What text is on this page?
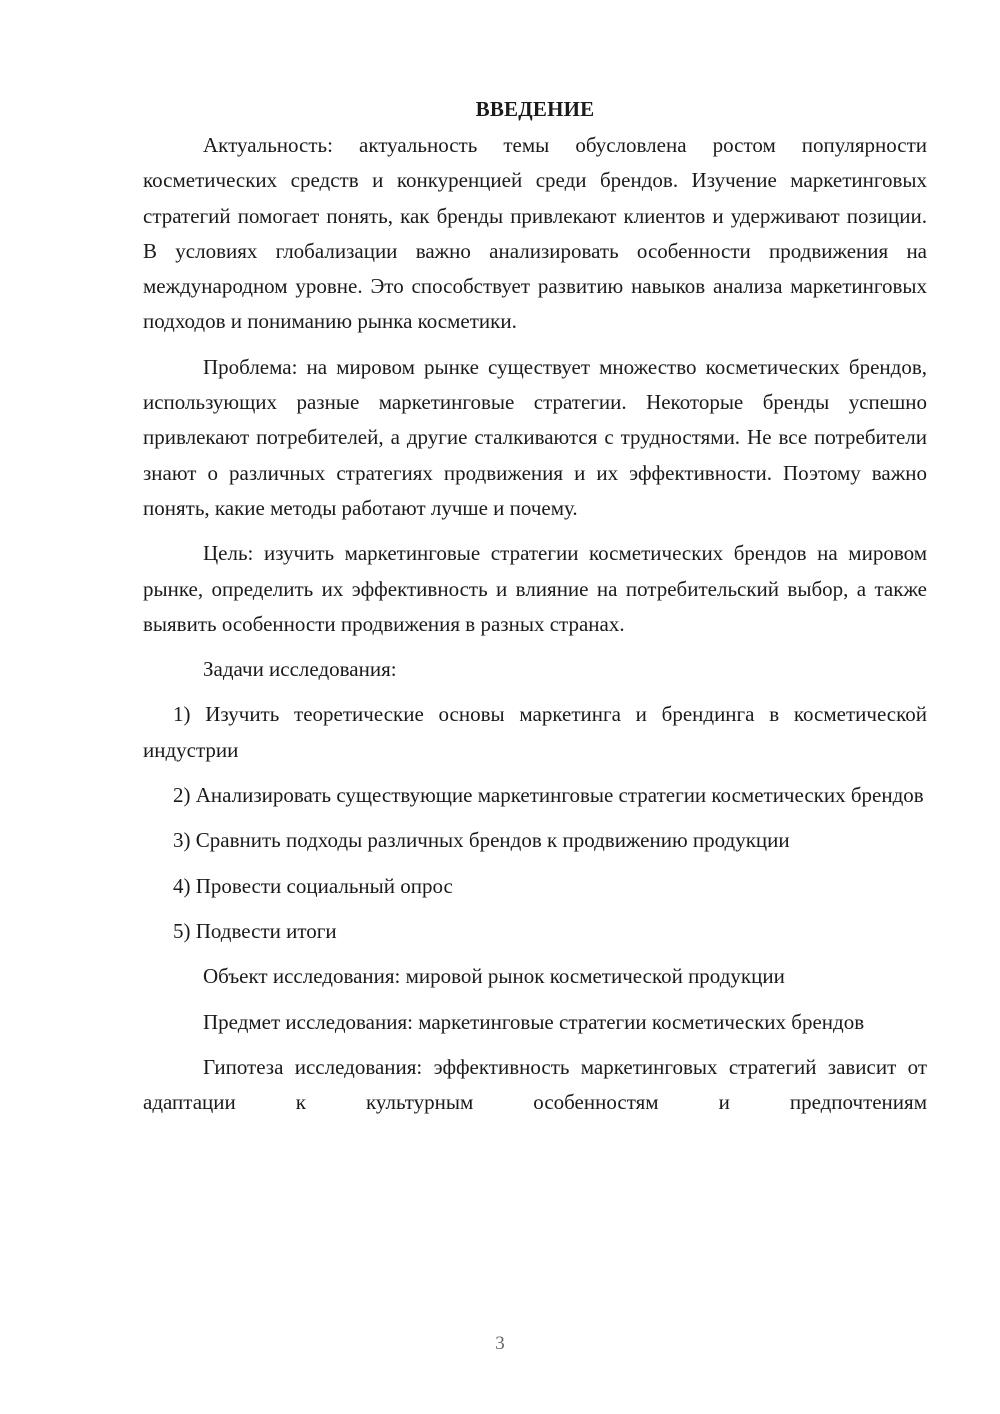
ВВЕДЕНИЕ

Актуальность: актуальность темы обусловлена ростом популярности косметических средств и конкуренцией среди брендов. Изучение маркетинговых стратегий помогает понять, как бренды привлекают клиентов и удерживают позиции. В условиях глобализации важно анализировать особенности продвижения на международном уровне. Это способствует развитию навыков анализа маркетинговых подходов и пониманию рынка косметики.

Проблема: на мировом рынке существует множество косметических брендов, использующих разные маркетинговые стратегии. Некоторые бренды успешно привлекают потребителей, а другие сталкиваются с трудностями. Не все потребители знают о различных стратегиях продвижения и их эффективности. Поэтому важно понять, какие методы работают лучше и почему.

Цель: изучить маркетинговые стратегии косметических брендов на мировом рынке, определить их эффективность и влияние на потребительский выбор, а также выявить особенности продвижения в разных странах.

Задачи исследования:

1) Изучить теоретические основы маркетинга и брендинга в косметической индустрии

2) Анализировать существующие маркетинговые стратегии косметических брендов

3) Сравнить подходы различных брендов к продвижению продукции

4) Провести социальный опрос

5) Подвести итоги

Объект исследования: мировой рынок косметической продукции

Предмет исследования: маркетинговые стратегии косметических брендов

Гипотеза исследования: эффективность маркетинговых стратегий зависит от адаптации к культурным особенностям и предпочтениям

3
